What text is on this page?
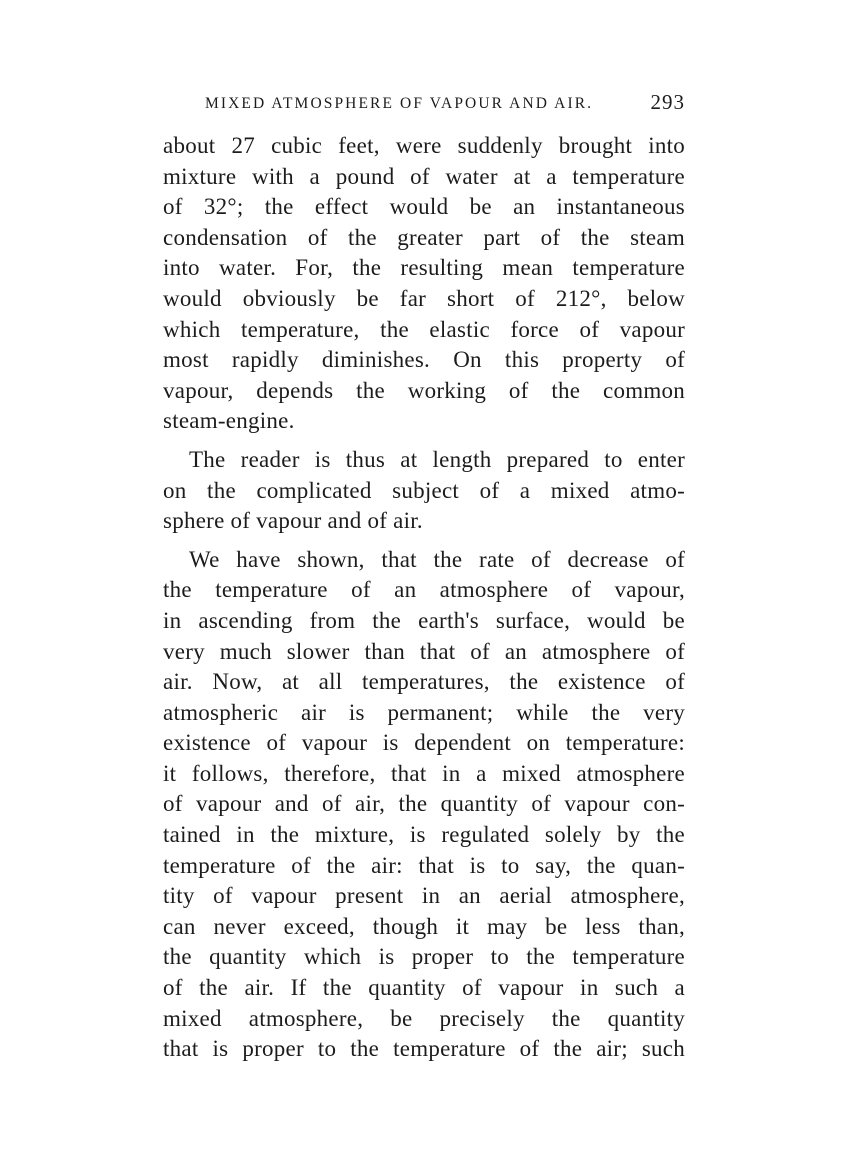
MIXED ATMOSPHERE OF VAPOUR AND AIR.	293
about 27 cubic feet, were suddenly brought into
mixture with a pound of water at a temperature
of 32°; the effect would be an instantaneous
condensation of the greater part of the steam
into water. For, the resulting mean temperature
would obviously be far short of 212°, below
which temperature, the elastic force of vapour
most rapidly diminishes. On this property of
vapour, depends the working of the common
steam-engine.
The reader is thus at length prepared to enter
on the complicated subject of a mixed atmo-
sphere of vapour and of air.
We have shown, that the rate of decrease of
the temperature of an atmosphere of vapour,
in ascending from the earth's surface, would be
very much slower than that of an atmosphere of
air. Now, at all temperatures, the existence of
atmospheric air is permanent; while the very
existence of vapour is dependent on temperature:
it follows, therefore, that in a mixed atmosphere
of vapour and of air, the quantity of vapour con-
tained in the mixture, is regulated solely by the
temperature of the air: that is to say, the quan-
tity of vapour present in an aerial atmosphere,
can never exceed, though it may be less than,
the quantity which is proper to the temperature
of the air. If the quantity of vapour in such a
mixed atmosphere, be precisely the quantity
that is proper to the temperature of the air; such
